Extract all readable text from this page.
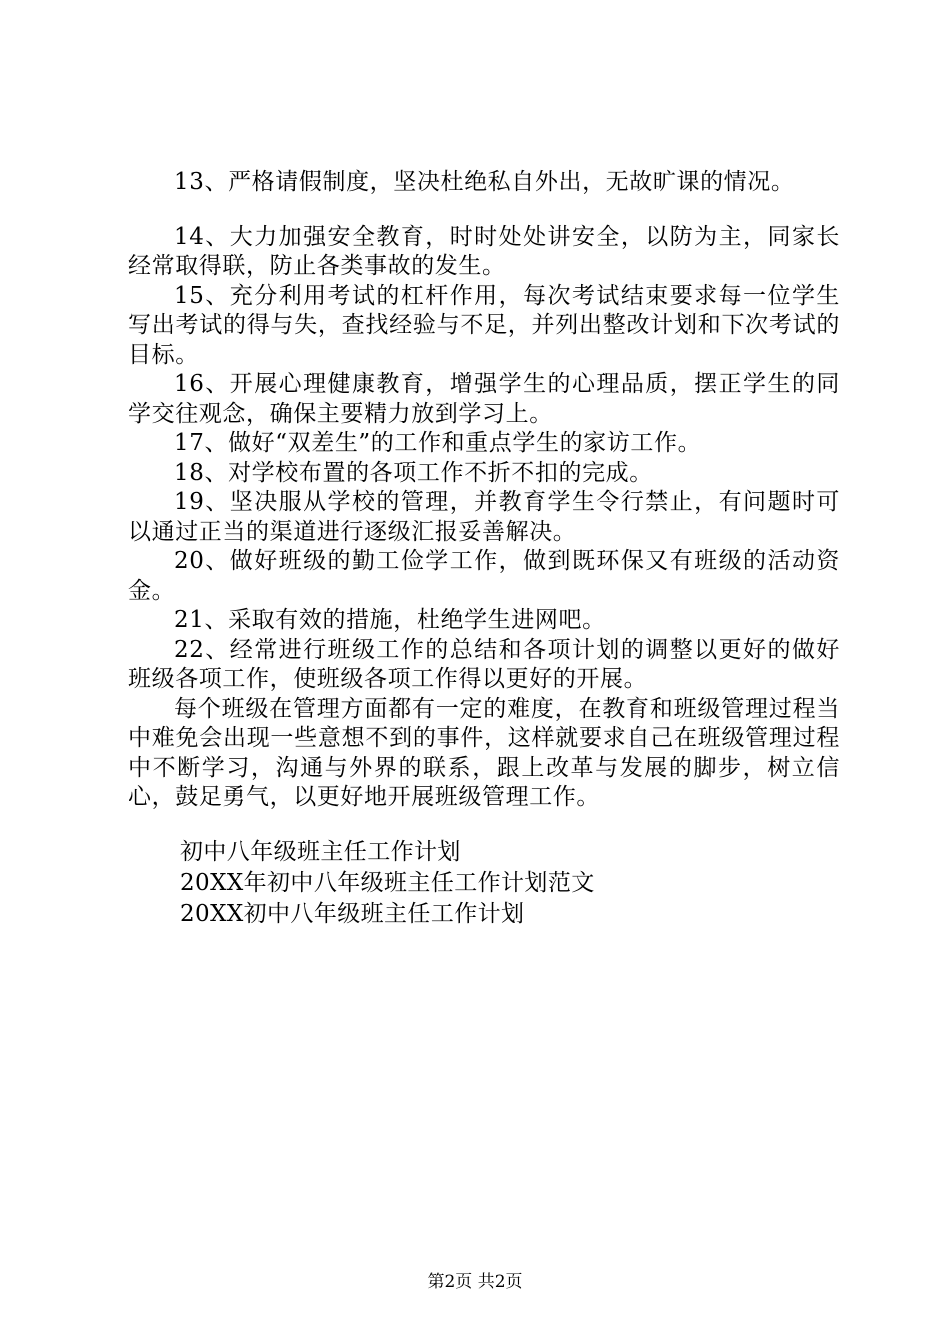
13、严格请假制度，坚决杜绝私自外出，无故旷课的情况。

14、大力加强安全教育，时时处处讲安全，以防为主，同家长经常取得联，防止各类事故的发生。

15、充分利用考试的杠杆作用，每次考试结束要求每一位学生写出考试的得与失，查找经验与不足，并列出整改计划和下次考试的目标。

16、开展心理健康教育，增强学生的心理品质，摆正学生的同学交往观念，确保主要精力放到学习上。

17、做好“双差生”的工作和重点学生的家访工作。

18、对学校布置的各项工作不折不扣的完成。

19、坚决服从学校的管理，并教育学生令行禁止，有问题时可以通过正当的渠道进行逐级汇报妥善解决。

20、做好班级的勤工俭学工作，做到既环保又有班级的活动资金。

21、采取有效的措施，杜绝学生进网吧。

22、经常进行班级工作的总结和各项计划的调整以更好的做好班级各项工作，使班级各项工作得以更好的开展。

每个班级在管理方面都有一定的难度，在教育和班级管理过程当中难免会出现一些意想不到的事件，这样就要求自己在班级管理过程中不断学习，沟通与外界的联系，跟上改革与发展的脚步，树立信心，鼓足勇气，以更好地开展班级管理工作。

初中八年级班主任工作计划

20XX年初中八年级班主任工作计划范文

20XX初中八年级班主任工作计划

第2页 共2页
